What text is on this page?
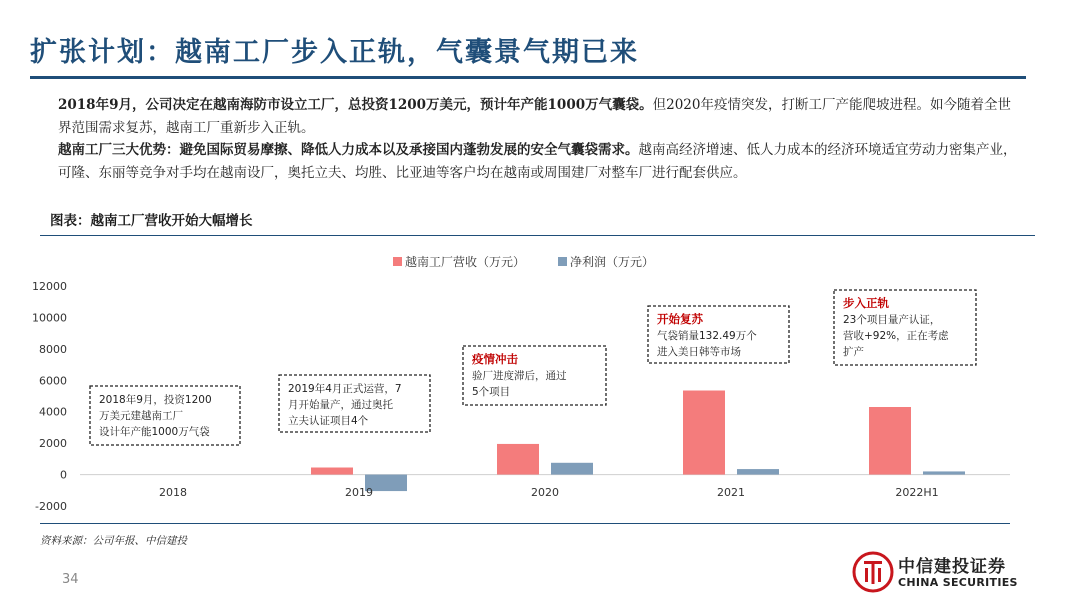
扩张计划：越南工厂步入正轨，气囊景气期已来
2018年9月，公司决定在越南海防市设立工厂，总投资1200万美元，预计年产能1000万气囊袋。但2020年疫情突发，打断工厂产能爬坡进程。如今随着全世界范围需求复苏，越南工厂重新步入正轨。
越南工厂三大优势：避免国际贸易摩擦、降低人力成本以及承接国内蓬勃发展的安全气囊袋需求。越南高经济增速、低人力成本的经济环境适宜劳动力密集产业，可隆、东丽等竞争对手均在越南设厂，奥托立夫、均胜、比亚迪等客户均在越南或周围建厂对整车厂进行配套供应。
图表：越南工厂营收开始大幅增长
-2000
0
2000
4000
6000
8000
10000
12000
2018	2019	2020	2021	2022H1
越南工厂营收（万元）	净利润（万元）
2018年9月，投资1200
万美元建越南工厂
设计年产能1000万气袋
2019年4月正式运营，7
月开始量产，通过奥托
立夫认证项目4个
疫情冲击
验厂进度滞后，通过
5个项目
开始复苏
气袋销量132.49万个
进入美日韩等市场
步入正轨
23个项目量产认证，
营收+92%，正在考虑
扩产
资料来源：公司年报、中信建投
34
中信建投证券
CHINA SECURITIES
